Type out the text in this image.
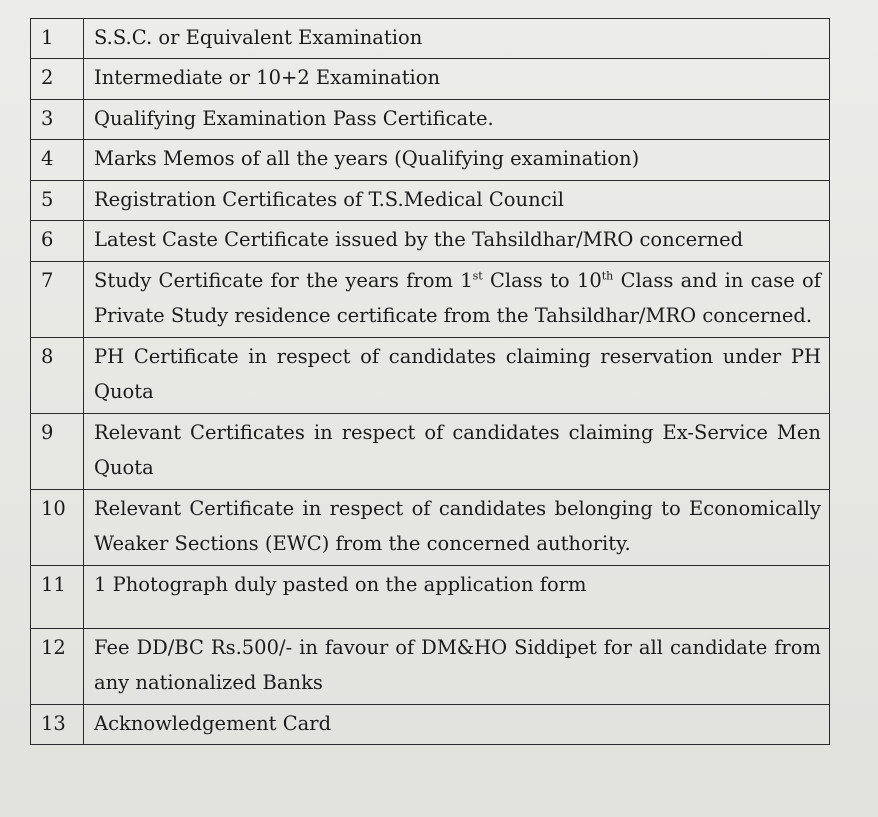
1	S.S.C. or Equivalent Examination
2	Intermediate or 10+2 Examination
3	Qualifying Examination Pass Certificate.
4	Marks Memos of all the years (Qualifying examination)
5	Registration Certificates of T.S.Medical Council
6	Latest Caste Certificate issued by the Tahsildhar/MRO concerned
7	Study Certificate for the years from 1st Class to 10th Class and in case of Private Study residence certificate from the Tahsildhar/MRO concerned.
8	PH Certificate in respect of candidates claiming reservation under PH Quota
9	Relevant Certificates in respect of candidates claiming Ex-Service Men Quota
10	Relevant Certificate in respect of candidates belonging to Economically Weaker Sections (EWC) from the concerned authority.
11	1 Photograph duly pasted on the application form
12	Fee DD/BC Rs.500/- in favour of DM&HO Siddipet for all candidate from any nationalized Banks
13	Acknowledgement Card
